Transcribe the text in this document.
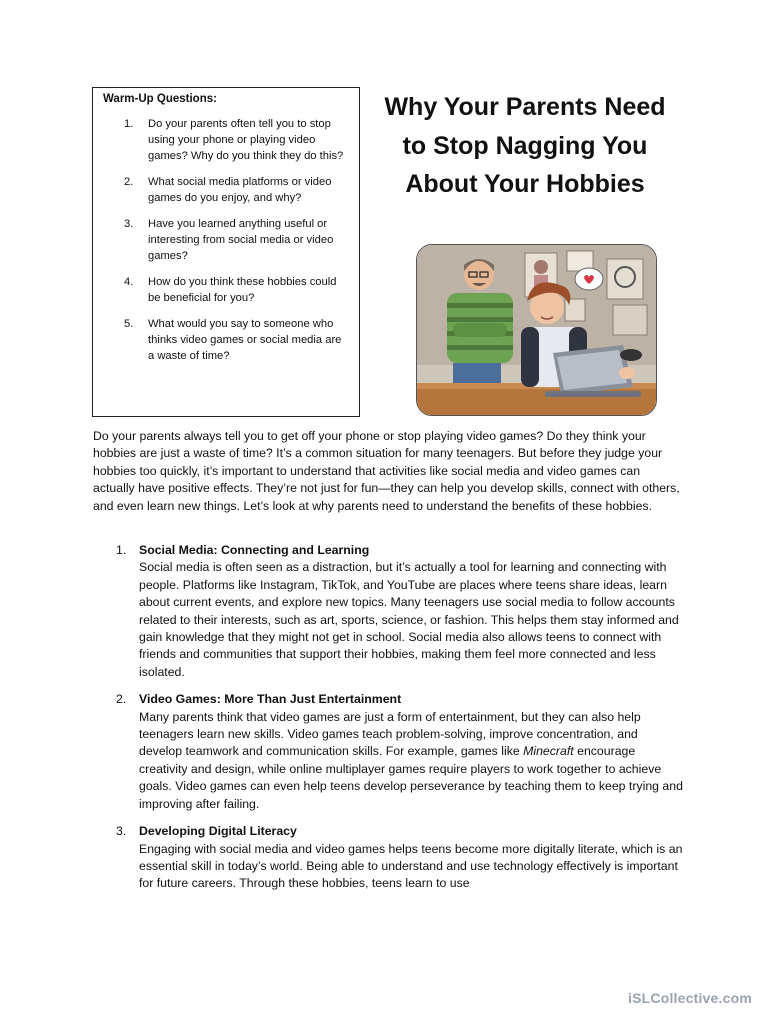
Warm-Up Questions:

1. Do your parents often tell you to stop using your phone or playing video games? Why do you think they do this?
2. What social media platforms or video games do you enjoy, and why?
3. Have you learned anything useful or interesting from social media or video games?
4. How do you think these hobbies could be beneficial for you?
5. What would you say to someone who thinks video games or social media are a waste of time?
Why Your Parents Need to Stop Nagging You About Your Hobbies

Do your parents always tell you to get off your phone or stop playing video games? Do they think your hobbies are just a waste of time? It’s a common situation for many teenagers. But before they judge your hobbies too quickly, it’s important to understand that activities like social media and video games can actually have positive effects. They’re not just for fun—they can help you develop skills, connect with others, and even learn new things. Let’s look at why parents need to understand the benefits of these hobbies.

1. Social Media: Connecting and Learning
Social media is often seen as a distraction, but it’s actually a tool for learning and connecting with people. Platforms like Instagram, TikTok, and YouTube are places where teens share ideas, learn about current events, and explore new topics. Many teenagers use social media to follow accounts related to their interests, such as art, sports, science, or fashion. This helps them stay informed and gain knowledge that they might not get in school. Social media also allows teens to connect with friends and communities that support their hobbies, making them feel more connected and less isolated.
2. Video Games: More Than Just Entertainment
Many parents think that video games are just a form of entertainment, but they can also help teenagers learn new skills. Video games teach problem-solving, improve concentration, and develop teamwork and communication skills. For example, games like Minecraft encourage creativity and design, while online multiplayer games require players to work together to achieve goals. Video games can even help teens develop perseverance by teaching them to keep trying and improving after failing.
3. Developing Digital Literacy
Engaging with social media and video games helps teens become more digitally literate, which is an essential skill in today’s world. Being able to understand and use technology effectively is important for future careers. Through these hobbies, teens learn to use
iSLCollective.com
